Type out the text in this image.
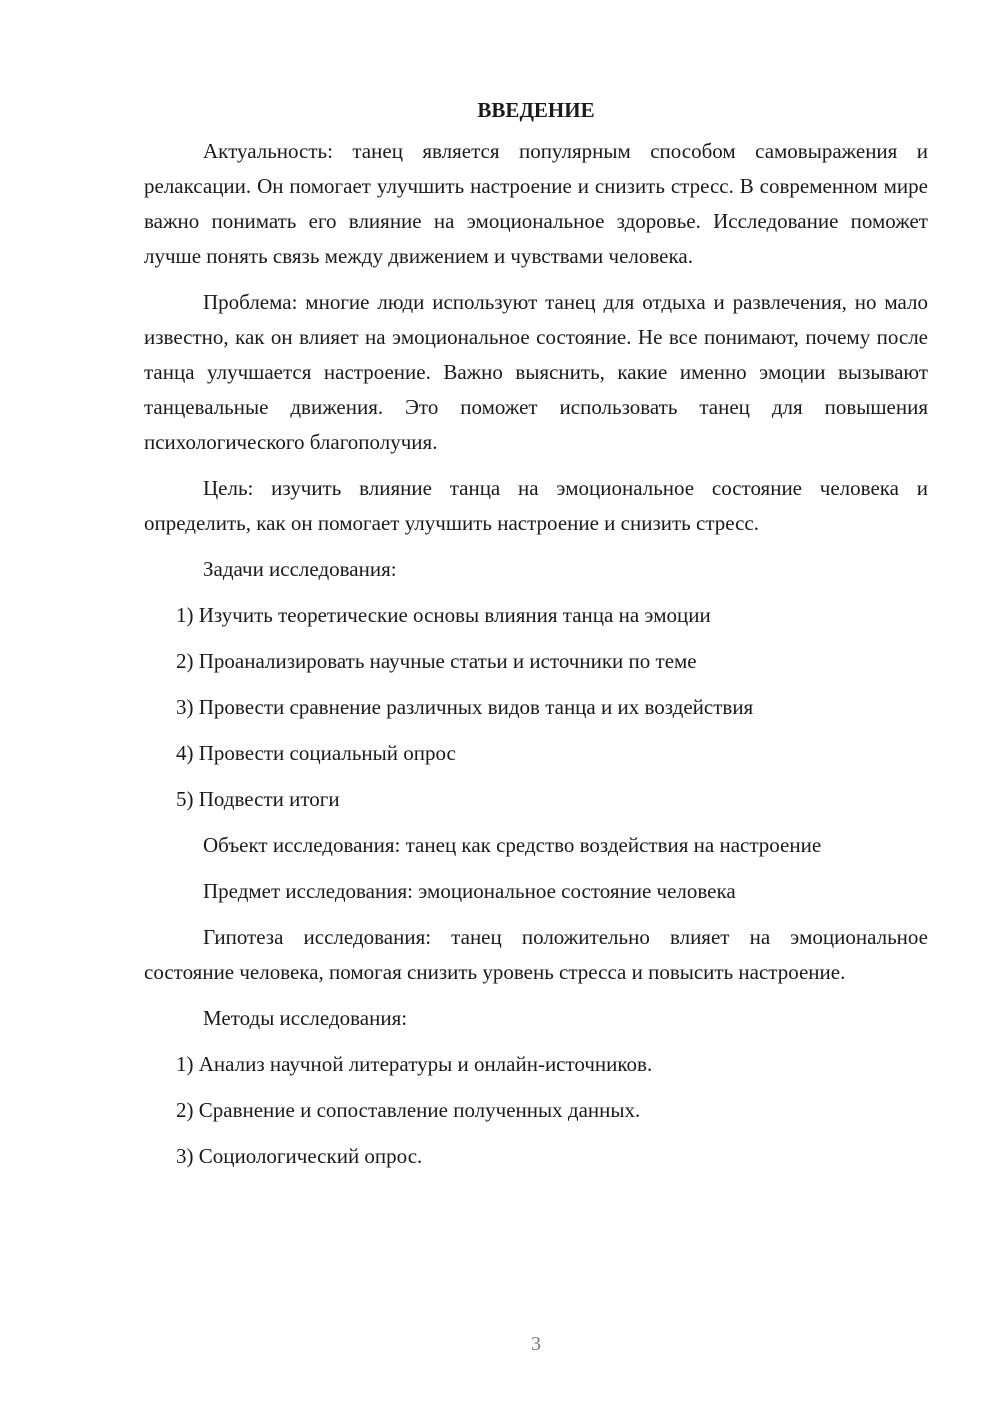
ВВЕДЕНИЕ

Актуальность: танец является популярным способом самовыражения и релаксации. Он помогает улучшить настроение и снизить стресс. В современном мире важно понимать его влияние на эмоциональное здоровье. Исследование поможет лучше понять связь между движением и чувствами человека.

Проблема: многие люди используют танец для отдыха и развлечения, но мало известно, как он влияет на эмоциональное состояние. Не все понимают, почему после танца улучшается настроение. Важно выяснить, какие именно эмоции вызывают танцевальные движения. Это поможет использовать танец для повышения психологического благополучия.

Цель: изучить влияние танца на эмоциональное состояние человека и определить, как он помогает улучшить настроение и снизить стресс.

Задачи исследования:

1) Изучить теоретические основы влияния танца на эмоции
2) Проанализировать научные статьи и источники по теме
3) Провести сравнение различных видов танца и их воздействия
4) Провести социальный опрос
5) Подвести итоги

Объект исследования: танец как средство воздействия на настроение

Предмет исследования: эмоциональное состояние человека

Гипотеза исследования: танец положительно влияет на эмоциональное состояние человека, помогая снизить уровень стресса и повысить настроение.

Методы исследования:

1) Анализ научной литературы и онлайн-источников.
2) Сравнение и сопоставление полученных данных.
3) Социологический опрос.
3
